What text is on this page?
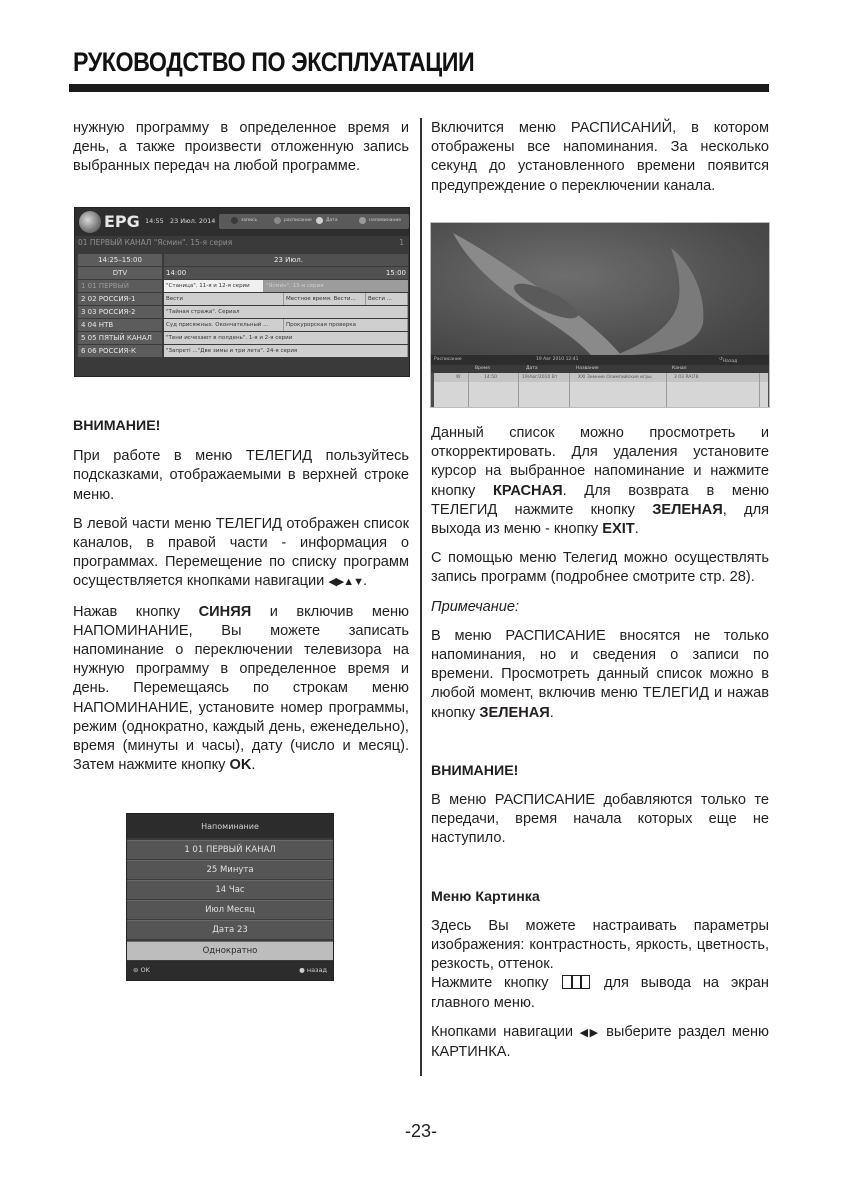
РУКОВОДСТВО ПО ЭКСПЛУАТАЦИИ

нужную программу в определенное время и день, а также произвести отложенную запись выбранных передач на любой программе.

EPG 14:55 23 Июл. 2014	запись	расписание	Дата	напоминание
01 ПЕРВЫЙ КАНАЛ "Ясмин". 15-я серия	1
14:25–15:00	23 Июл.
DTV	14:00	15:00
1 01 ПЕРВЫЙ	"Станица". 11-я и 12-я серии	"Ясмин". 15-я серия
2 02 РОССИЯ-1	Вести	Местное время. Вести...	Вести ...
3 03 РОССИЯ-2	"Тайная стража". Сериал
4 04 НТВ	Суд присяжных. Окончательный ...	Прокурорская проверка
5 05 ПЯТЫЙ КАНАЛ	"Тени исчезают в полдень". 1-я и 2-я серии
6 06 РОССИЯ-К	"Запреті ..."Две зимы и три лета". 24-я серия
ВНИМАНИЕ!

При работе в меню ТЕЛЕГИД пользуйтесь подсказками, отображаемыми в верхней строке меню.

В левой части меню ТЕЛЕГИД отображен список каналов, в правой части - информация о программах. Перемещение по списку программ осуществляется кнопками навигации ◀▶▲▼.

Нажав кнопку СИНЯЯ и включив меню НАПОМИНАНИЕ, Вы можете записать напоминание о переключении телевизора на нужную программу в определенное время и день. Перемещаясь по строкам меню НАПОМИНАНИЕ, установите номер программы, режим (однократно, каждый день, еженедельно), время (минуты и часы), дату (число и месяц). Затем нажмите кнопку OK.

Напоминание
1 01 ПЕРВЫЙ КАНАЛ
25 Минута
14 Час
Июл Месяц
Дата 23
Однократно
⊜ OK	● назад

Включится меню РАСПИСАНИЙ, в котором отображены все напоминания. За несколько секунд до установленного времени появится предупреждение о переключении канала.

Расписание	19 Авг 2010 12:41	↺ Назад
Время	Дата	Название	Канал
W	14:50	19/Авг/2010 Вт	XXI Зимние Олимпийские игры	3 03 RAI78

Данный список можно просмотреть и откорректировать. Для удаления установите курсор на выбранное напоминание и нажмите кнопку КРАСНАЯ. Для возврата в меню ТЕЛЕГИД нажмите кнопку ЗЕЛЕНАЯ, для выхода из меню - кнопку EXIT.

С помощью меню Телегид можно осуществлять запись программ (подробнее смотрите стр. 28).

Примечание:

В меню РАСПИСАНИЕ вносятся не только напоминания, но и сведения о записи по времени. Просмотреть данный список можно в любой момент, включив меню ТЕЛЕГИД и нажав кнопку ЗЕЛЕНАЯ.

ВНИМАНИЕ!

В меню РАСПИСАНИЕ добавляются только те передачи, время начала которых еще не наступило.

Меню Картинка

Здесь Вы можете настраивать параметры изображения: контрастность, яркость, цветность, резкость, оттенок.

Нажмите кнопку  для вывода на экран главного меню.

Кнопками навигации ◀▶ выберите раздел меню КАРТИНКА.

-23-
